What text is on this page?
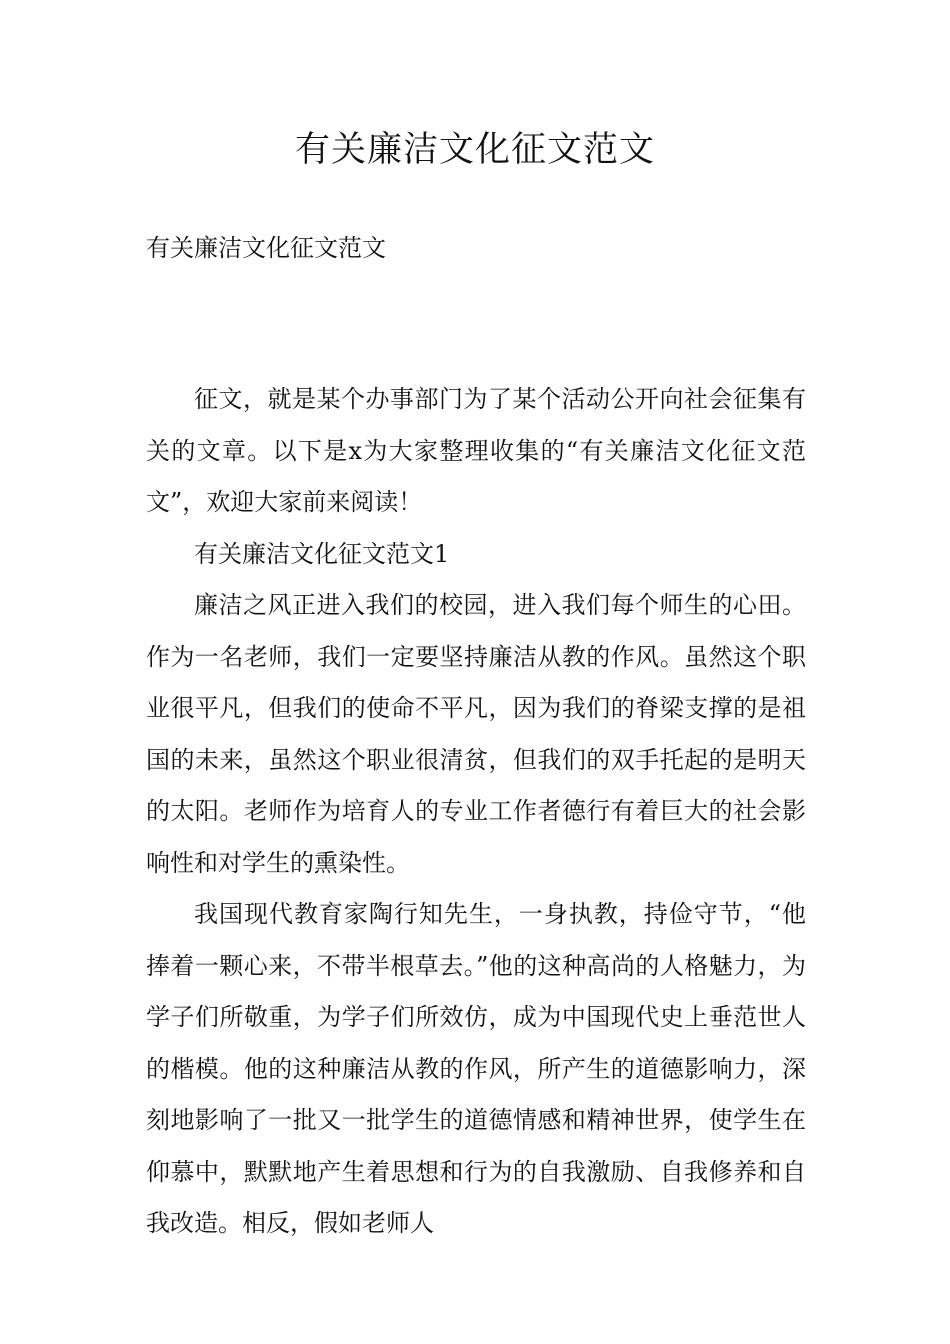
有关廉洁文化征文范文
有关廉洁文化征文范文

征文，就是某个办事部门为了某个活动公开向社会征集有关的文章。以下是x为大家整理收集的“有关廉洁文化征文范文”，欢迎大家前来阅读！

有关廉洁文化征文范文1

廉洁之风正进入我们的校园，进入我们每个师生的心田。作为一名老师，我们一定要坚持廉洁从教的作风。虽然这个职业很平凡，但我们的使命不平凡，因为我们的脊梁支撑的是祖国的未来，虽然这个职业很清贫，但我们的双手托起的是明天的太阳。老师作为培育人的专业工作者德行有着巨大的社会影响性和对学生的熏染性。

我国现代教育家陶行知先生，一身执教，持俭守节，“他捧着一颗心来，不带半根草去。”他的这种高尚的人格魅力，为学子们所敬重，为学子们所效仿，成为中国现代史上垂范世人的楷模。他的这种廉洁从教的作风，所产生的道德影响力，深刻地影响了一批又一批学生的道德情感和精神世界，使学生在仰慕中，默默地产生着思想和行为的自我激励、自我修养和自我改造。相反，假如老师人
